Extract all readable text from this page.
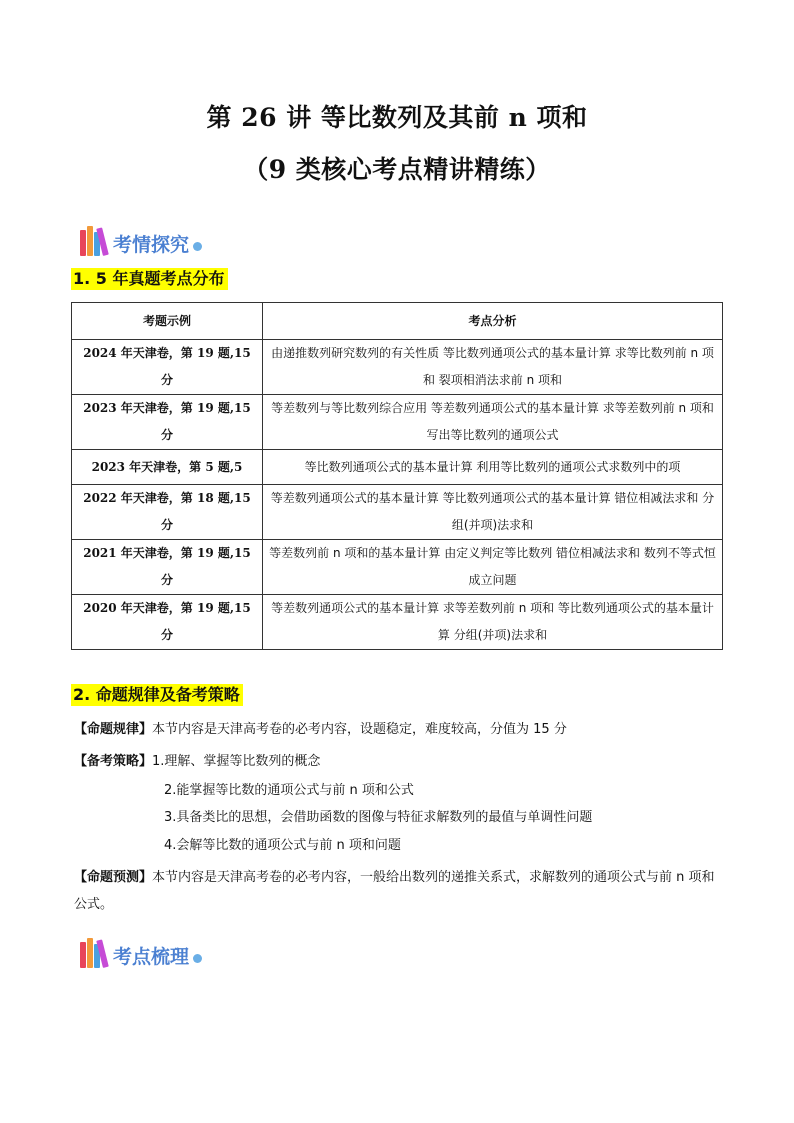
第 26 讲 等比数列及其前 n 项和
（9 类核心考点精讲精练）
考情探究
1. 5 年真题考点分布
考题示例	考点分析
2024 年天津卷，第 19 题,15 分	由递推数列研究数列的有关性质 等比数列通项公式的基本量计算 求等比数列前 n 项和 裂项相消法求前 n 项和
2023 年天津卷，第 19 题,15 分	等差数列与等比数列综合应用 等差数列通项公式的基本量计算 求等差数列前 n 项和 写出等比数列的通项公式
2023 年天津卷，第 5 题,5	等比数列通项公式的基本量计算 利用等比数列的通项公式求数列中的项
2022 年天津卷，第 18 题,15 分	等差数列通项公式的基本量计算 等比数列通项公式的基本量计算 错位相减法求和 分组(并项)法求和
2021 年天津卷，第 19 题,15 分	等差数列前 n 项和的基本量计算 由定义判定等比数列 错位相减法求和 数列不等式恒成立问题
2020 年天津卷，第 19 题,15 分	等差数列通项公式的基本量计算 求等差数列前 n 项和 等比数列通项公式的基本量计算 分组(并项)法求和
2. 命题规律及备考策略
【命题规律】本节内容是天津高考卷的必考内容，设题稳定，难度较高，分值为 15 分
【备考策略】1.理解、掌握等比数列的概念
2.能掌握等比数的通项公式与前 n 项和公式
3.具备类比的思想，会借助函数的图像与特征求解数列的最值与单调性问题
4.会解等比数的通项公式与前 n 项和问题
【命题预测】本节内容是天津高考卷的必考内容，一般给出数列的递推关系式，求解数列的通项公式与前 n 项和公式。
考点梳理
